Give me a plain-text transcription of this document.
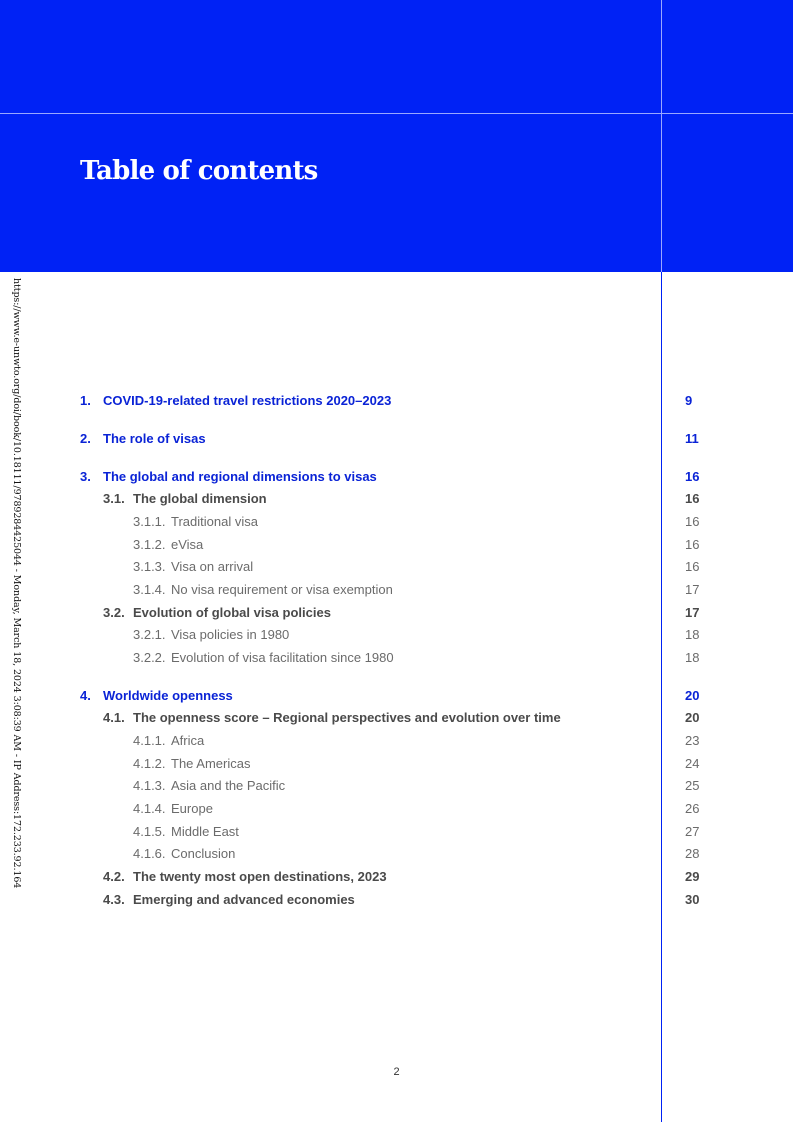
Table of contents
https://www.e-unwto.org/doi/book/10.18111/9789284425044 - Monday, March 18, 2024 3:08:39 AM - IP Address:172.233.92.164	1. COVID-19-related travel restrictions 2020–2023	9
2. The role of visas	11
3. The global and regional dimensions to visas	16
3.1. The global dimension	16
3.1.1. Traditional visa	16
3.1.2. eVisa	16
3.1.3. Visa on arrival	16
3.1.4. No visa requirement or visa exemption	17
3.2. Evolution of global visa policies	17
3.2.1. Visa policies in 1980	18
3.2.2. Evolution of visa facilitation since 1980	18
4. Worldwide openness	20
4.1. The openness score – Regional perspectives and evolution over time	20
4.1.1. Africa	23
4.1.2. The Americas	24
4.1.3. Asia and the Pacific	25
4.1.4. Europe	26
4.1.5. Middle East	27
4.1.6. Conclusion	28
4.2. The twenty most open destinations, 2023	29
4.3. Emerging and advanced economies	30
2
